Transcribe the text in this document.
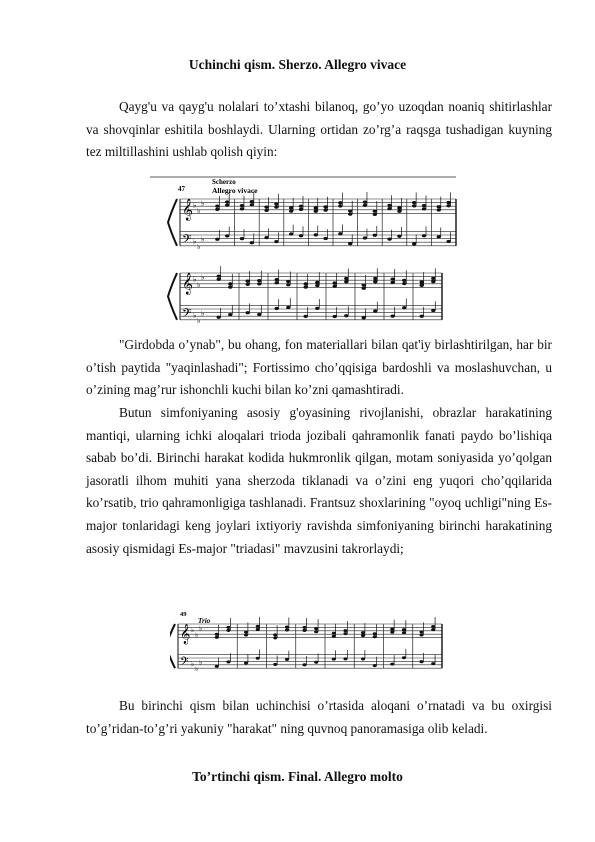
Uchinchi qism. Sherzo. Allegro vivace

Qayg'u va qayg'u nolalari to’xtashi bilanoq, go’yo uzoqdan noaniq shitirlashlar va shovqinlar eshitila boshlaydi. Ularning ortidan zo’rg’a raqsga tushadigan kuyning tez miltillashini ushlab qolish qiyin:

47
Scherzo
Allegro vivace
𝄞
𝄢
♭
♭
♭
♭
♭
♭
𝄞
𝄢
♭
♭
♭
♭
♭
♭

"Girdobda o’ynab", bu ohang, fon materiallari bilan qat'iy birlashtirilgan, har bir o’tish paytida "yaqinlashadi"; Fortissimo cho’qqisiga bardoshli va moslashuvchan, u o’zining mag’rur ishonchli kuchi bilan ko’zni qamashtiradi.

Butun simfoniyaning asosiy g'oyasining rivojlanishi, obrazlar harakatining mantiqi, ularning ichki aloqalari trioda jozibali qahramonlik fanati paydo bo’lishiqa sabab bo’di. Birinchi harakat kodida hukmronlik qilgan, motam soniyasida yo’qolgan jasoratli ilhom muhiti yana sherzoda tiklanadi va o’zini eng yuqori cho’qqilarida ko’rsatib, trio qahramonligiga tashlanadi. Frantsuz shoxlarining "oyoq uchligi"ning Es-major tonlaridagi keng joylari ixtiyoriy ravishda simfoniyaning birinchi harakatining asosiy qismidagi Es-major "triadasi" mavzusini takrorlaydi;

49
Trio
𝄞
𝄢
♭
♭
♭
♭
♭
♭

Bu birinchi qism bilan uchinchisi o’rtasida aloqani o’rnatadi va bu oxirgisi to’g’ridan-to’g’ri yakuniy "harakat" ning quvnoq panoramasiga olib keladi.

To’rtinchi qism. Final. Allegro molto
